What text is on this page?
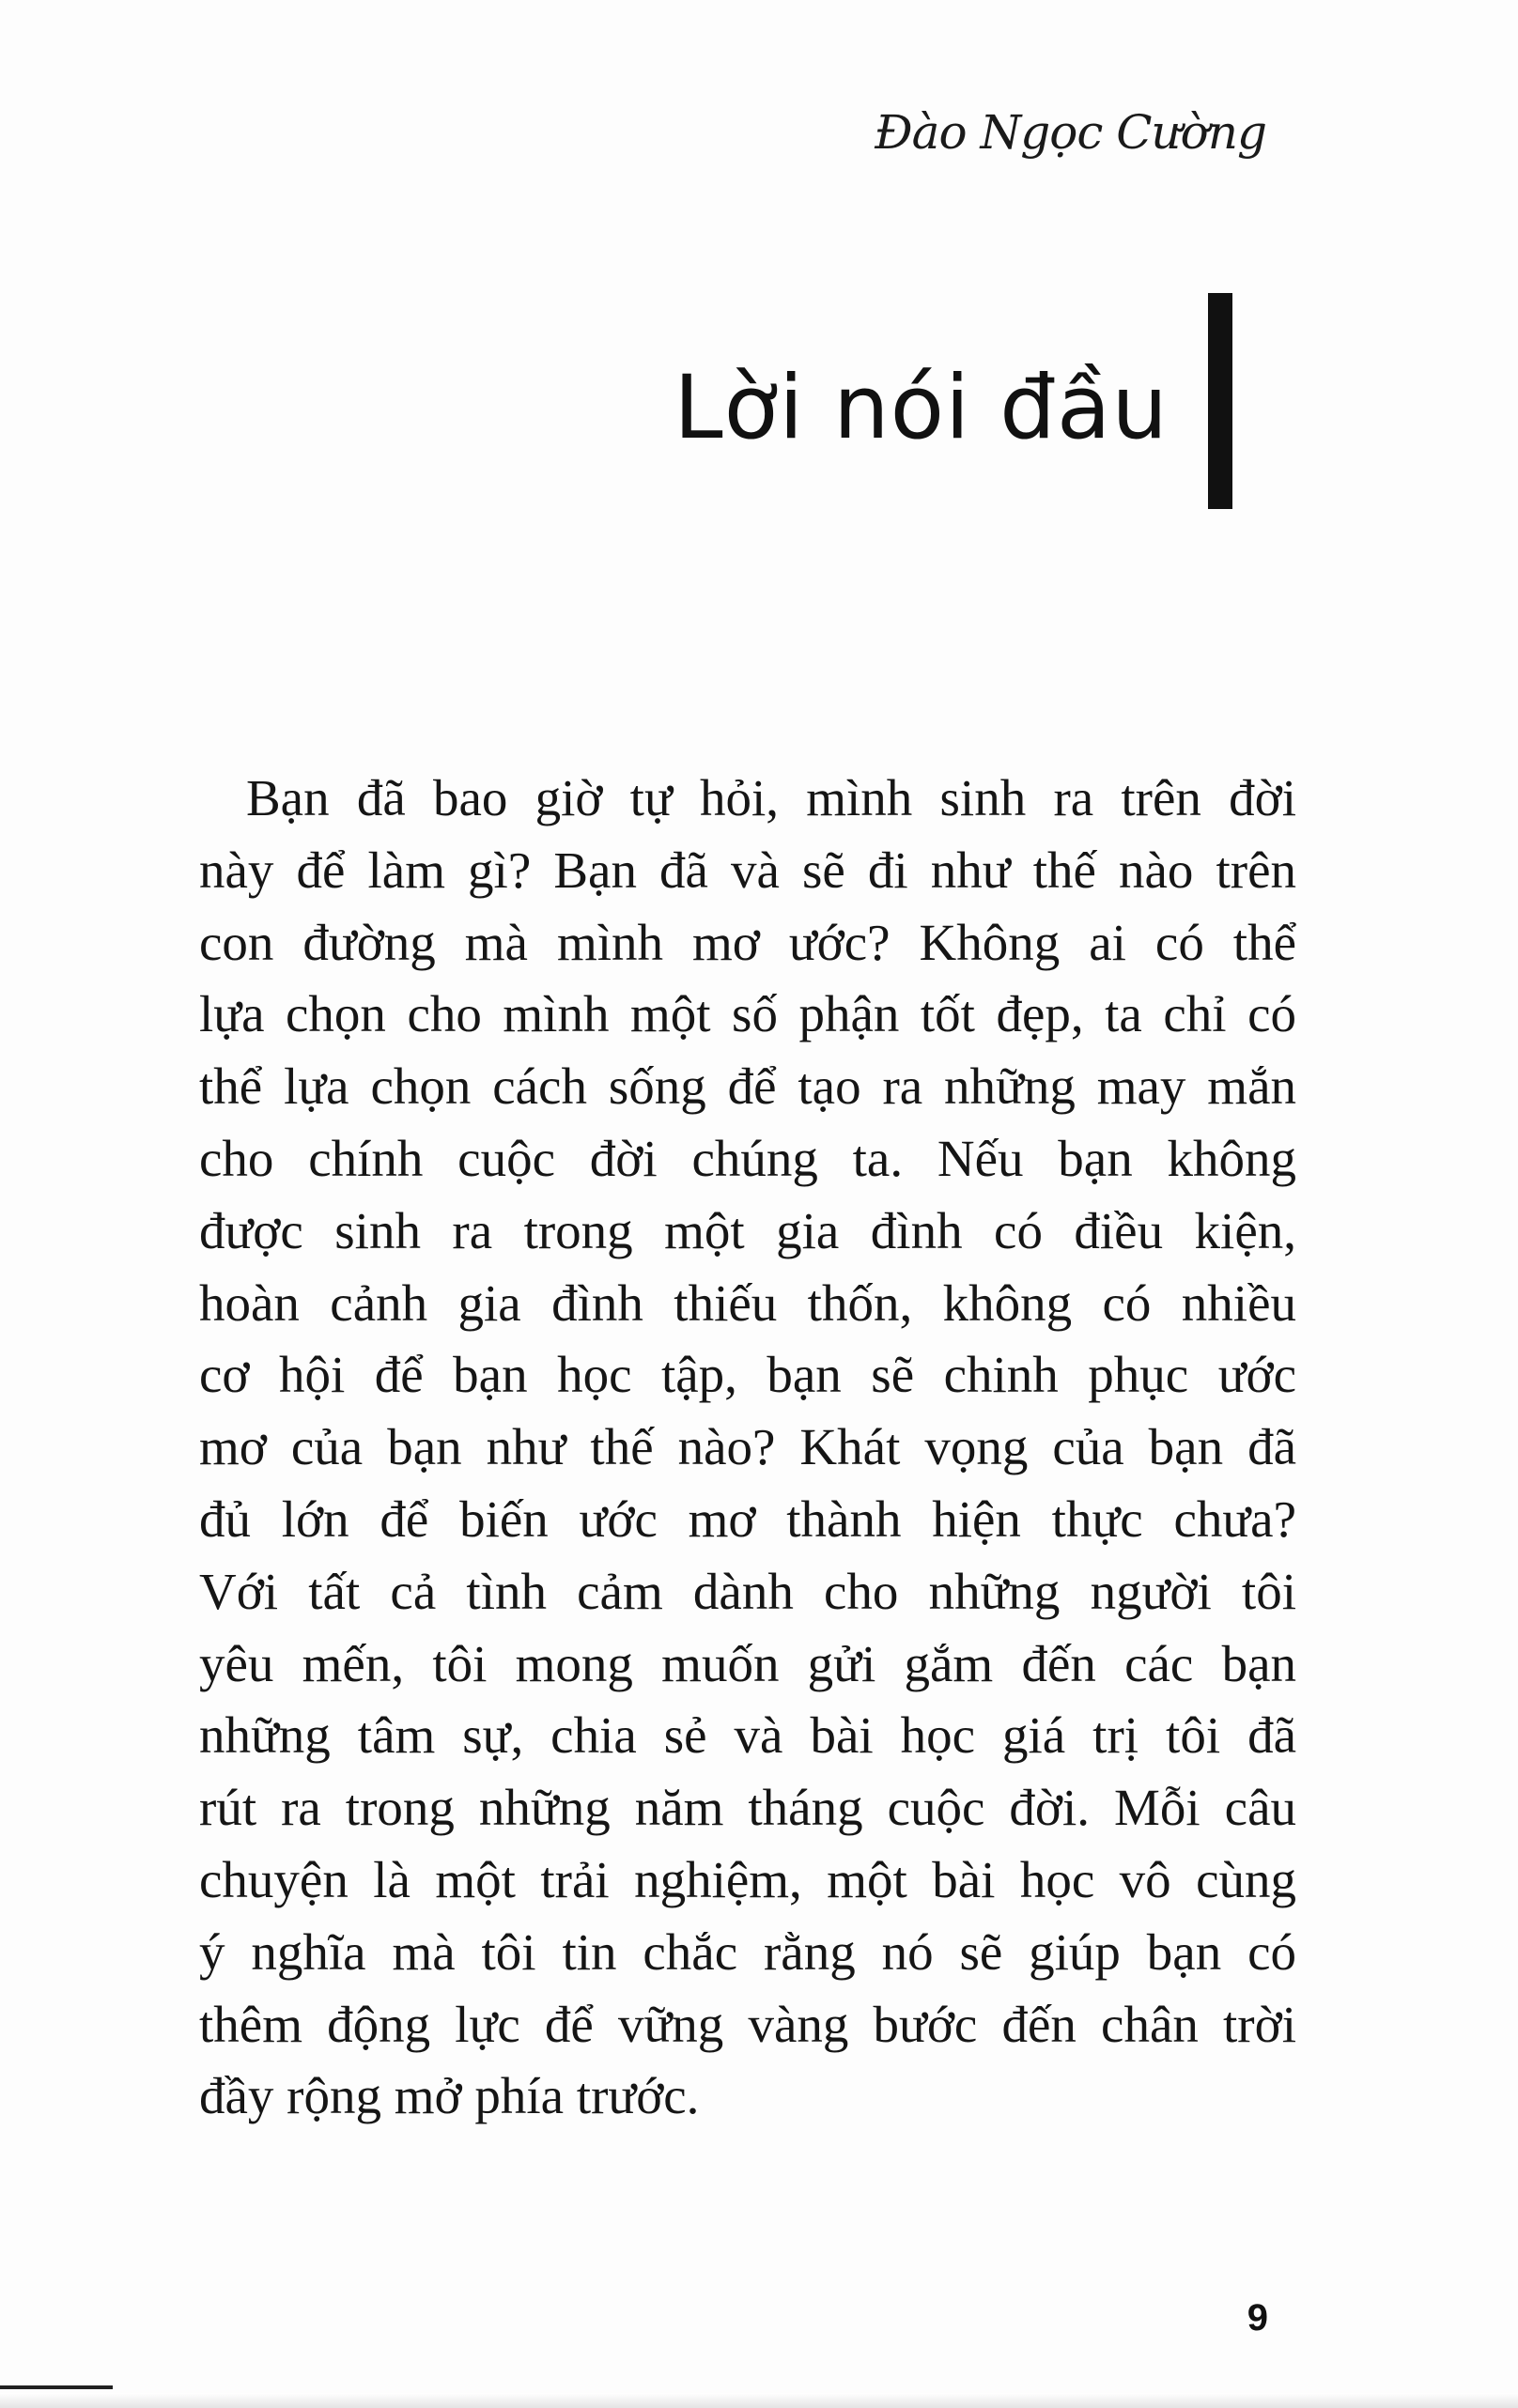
Đào Ngọc Cường
Lời nói đầu
Bạn đã bao giờ tự hỏi, mình sinh ra trên đời
này để làm gì? Bạn đã và sẽ đi như thế nào trên
con đường mà mình mơ ước? Không ai có thể
lựa chọn cho mình một số phận tốt đẹp, ta chỉ có
thể lựa chọn cách sống để tạo ra những may mắn
cho chính cuộc đời chúng ta. Nếu bạn không
được sinh ra trong một gia đình có điều kiện,
hoàn cảnh gia đình thiếu thốn, không có nhiều
cơ hội để bạn học tập, bạn sẽ chinh phục ước
mơ của bạn như thế nào? Khát vọng của bạn đã
đủ lớn để biến ước mơ thành hiện thực chưa?
Với tất cả tình cảm dành cho những người tôi
yêu mến, tôi mong muốn gửi gắm đến các bạn
những tâm sự, chia sẻ và bài học giá trị tôi đã
rút ra trong những năm tháng cuộc đời. Mỗi câu
chuyện là một trải nghiệm, một bài học vô cùng
ý nghĩa mà tôi tin chắc rằng nó sẽ giúp bạn có
thêm động lực để vững vàng bước đến chân trời
đầy rộng mở phía trước.
9
